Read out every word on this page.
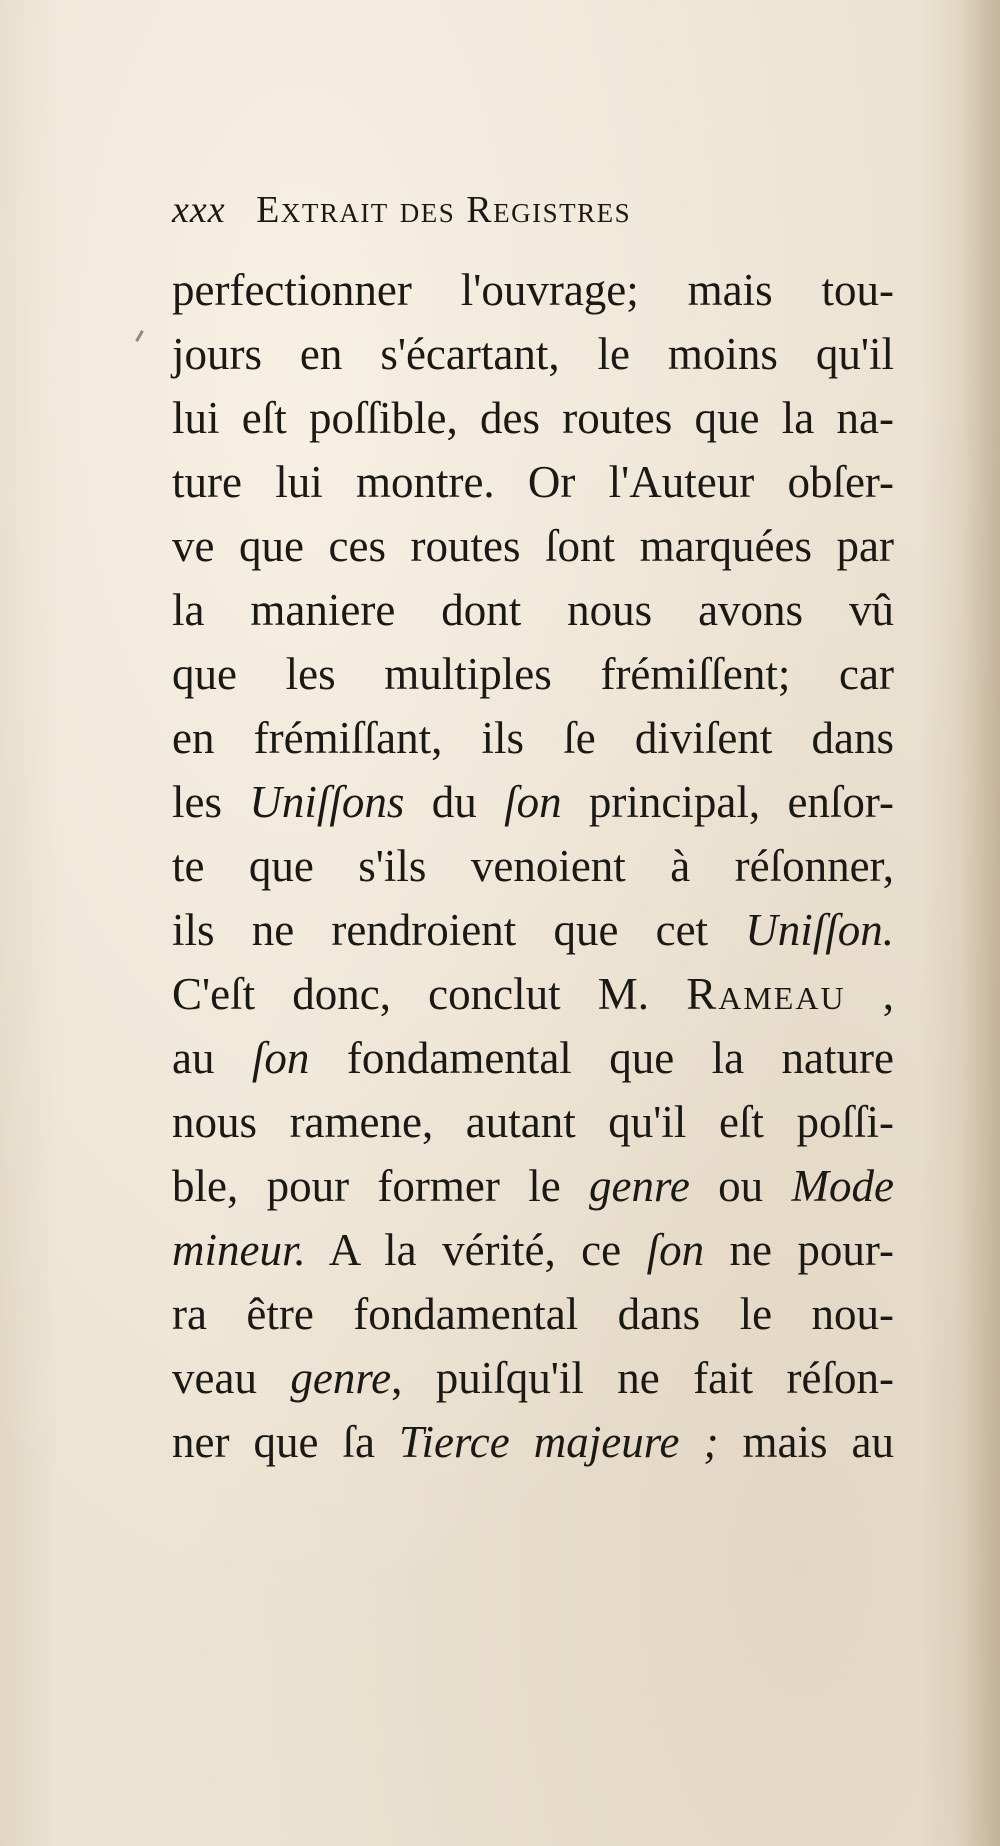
xxx Extrait des Registres
perfectionner l'ouvrage; mais tou-
jours en s'écartant, le moins qu'il
lui eſt poſſible, des routes que la na-
ture lui montre. Or l'Auteur obſer-
ve que ces routes ſont marquées par
la maniere dont nous avons vû
que les multiples frémiſſent; car
en frémiſſant, ils ſe diviſent dans
les Uniſſons du ſon principal, enſor-
te que s'ils venoient à réſonner,
ils ne rendroient que cet Uniſſon.
C'eſt donc, conclut M. Rameau ,
au ſon fondamental que la nature
nous ramene, autant qu'il eſt poſſi-
ble, pour former le genre ou Mode
mineur. A la vérité, ce ſon ne pour-
ra être fondamental dans le nou-
veau genre, puiſqu'il ne fait réſon-
ner que ſa Tierce majeure ; mais au
